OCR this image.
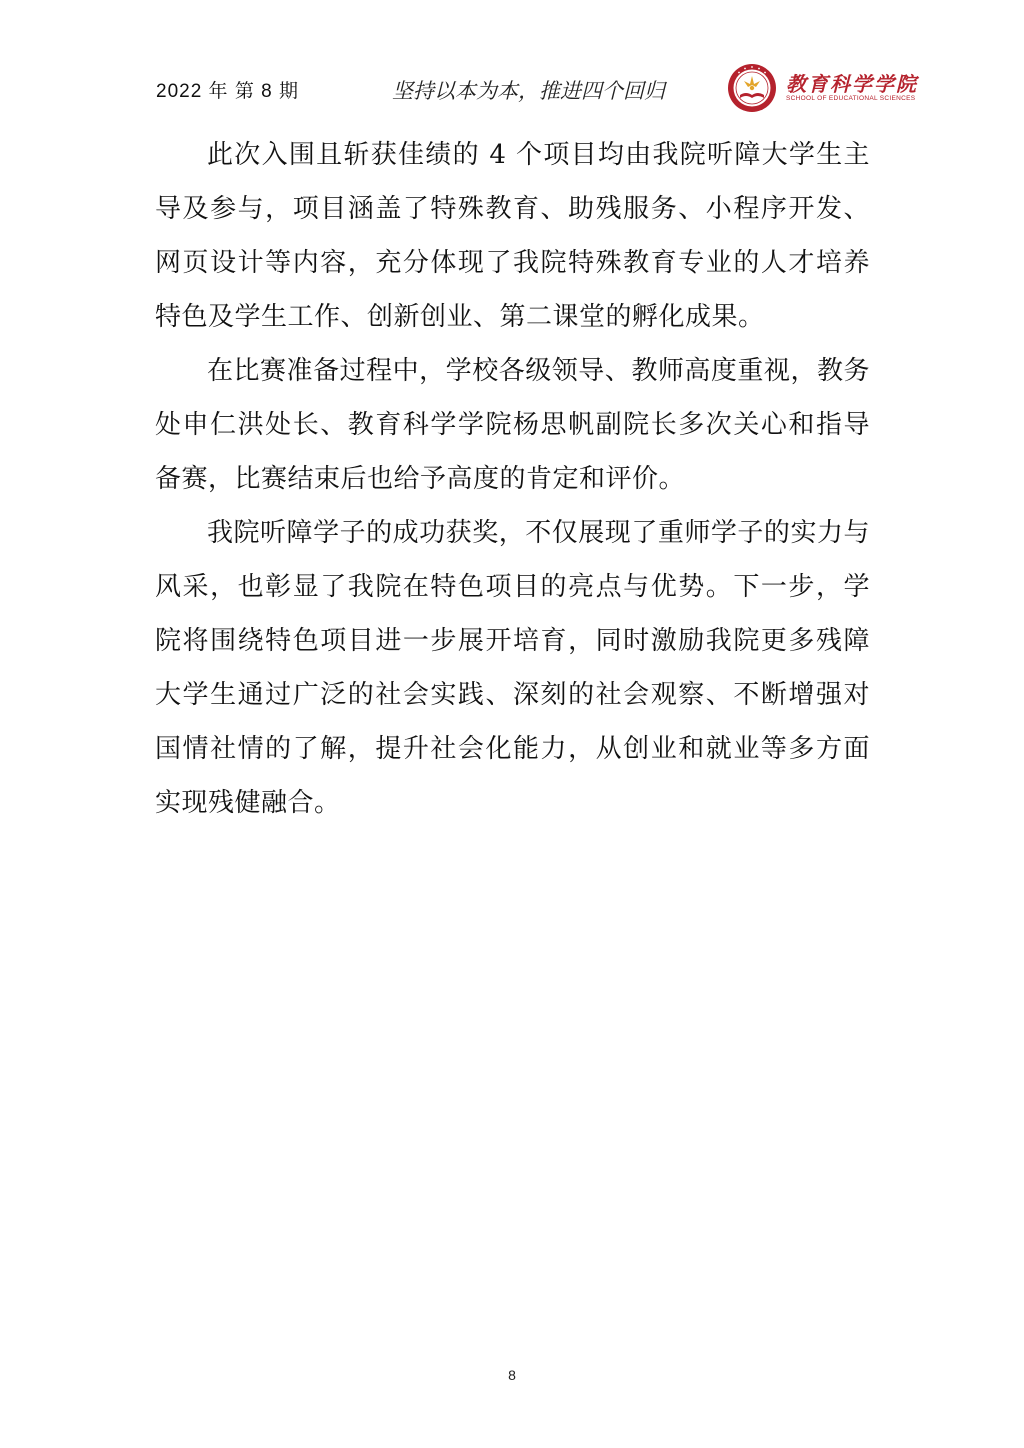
2022 年 第 8 期	坚持以本为本，推进四个回归	教育科学学院
SCHOOL OF EDUCATIONAL SCIENCES

此次入围且斩获佳绩的 4 个项目均由我院听障大学生主导及参与，项目涵盖了特殊教育、助残服务、小程序开发、网页设计等内容，充分体现了我院特殊教育专业的人才培养特色及学生工作、创新创业、第二课堂的孵化成果。

在比赛准备过程中，学校各级领导、教师高度重视，教务处申仁洪处长、教育科学学院杨思帆副院长多次关心和指导备赛，比赛结束后也给予高度的肯定和评价。

我院听障学子的成功获奖，不仅展现了重师学子的实力与风采，也彰显了我院在特色项目的亮点与优势。下一步，学院将围绕特色项目进一步展开培育，同时激励我院更多残障大学生通过广泛的社会实践、深刻的社会观察、不断增强对国情社情的了解，提升社会化能力，从创业和就业等多方面实现残健融合。

8
